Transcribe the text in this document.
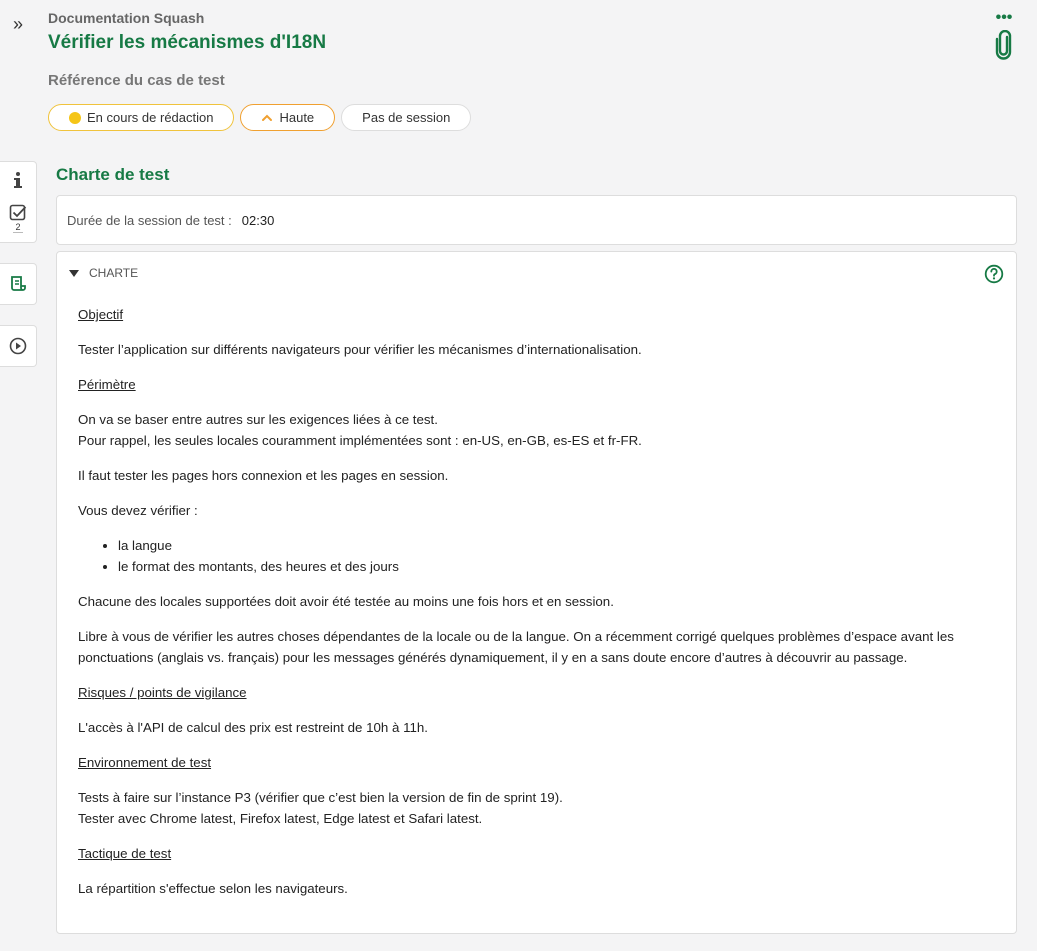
»	Documentation Squash
Vérifier les mécanismes d'I18N
Référence du cas de test
En cours de rédaction	Haute	Pas de session
•••
2
Charte de test
Durée de la session de test : 02:30
CHARTE
Objectif

Tester l’application sur différents navigateurs pour vérifier les mécanismes d’internationalisation.

Périmètre

On va se baser entre autres sur les exigences liées à ce test.
Pour rappel, les seules locales couramment implémentées sont : en-US, en-GB, es-ES et fr-FR.

Il faut tester les pages hors connexion et les pages en session.

Vous devez vérifier :

• la langue
• le format des montants, des heures et des jours

Chacune des locales supportées doit avoir été testée au moins une fois hors et en session.

Libre à vous de vérifier les autres choses dépendantes de la locale ou de la langue. On a récemment corrigé quelques problèmes d’espace avant les ponctuations (anglais vs. français) pour les messages générés dynamiquement, il y en a sans doute encore d’autres à découvrir au passage.

Risques / points de vigilance

L'accès à l'API de calcul des prix est restreint de 10h à 11h.

Environnement de test

Tests à faire sur l’instance P3 (vérifier que c’est bien la version de fin de sprint 19).
Tester avec Chrome latest, Firefox latest, Edge latest et Safari latest.

Tactique de test

La répartition s'effectue selon les navigateurs.
